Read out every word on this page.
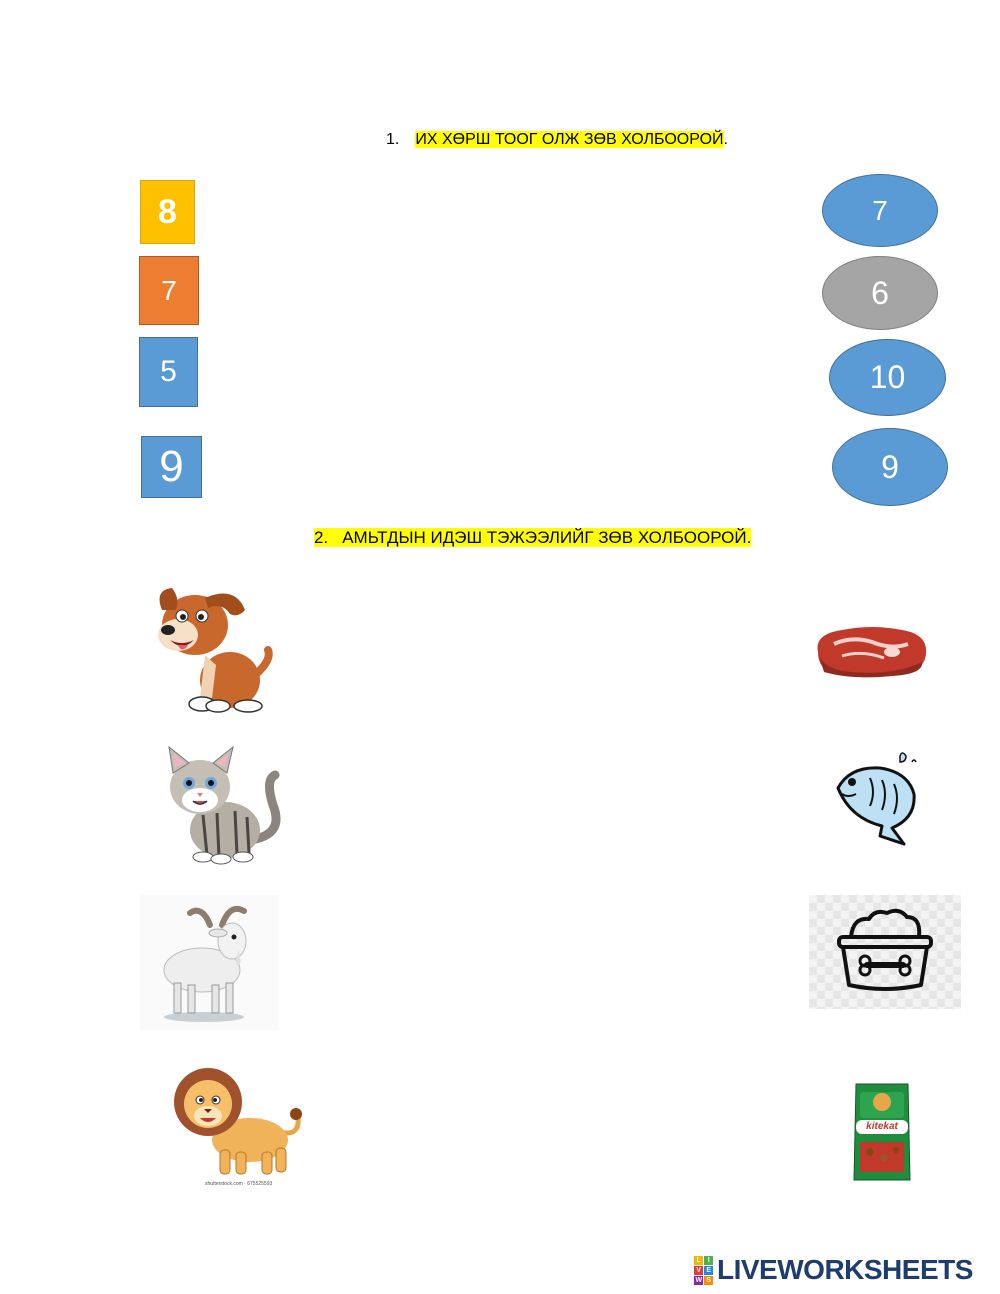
1. ИХ ХӨРШ ТООГ ОЛЖ ЗӨВ ХОЛБООРОЙ.
8
7
5
9
7
6
10
9
2. АМЬТДЫН ИДЭШ ТЭЖЭЭЛИЙГ ЗӨВ ХОЛБООРОЙ.
shutterstock.com · 675525593
kitekat
L	I
V E
W S LIVEWORKSHEETS
